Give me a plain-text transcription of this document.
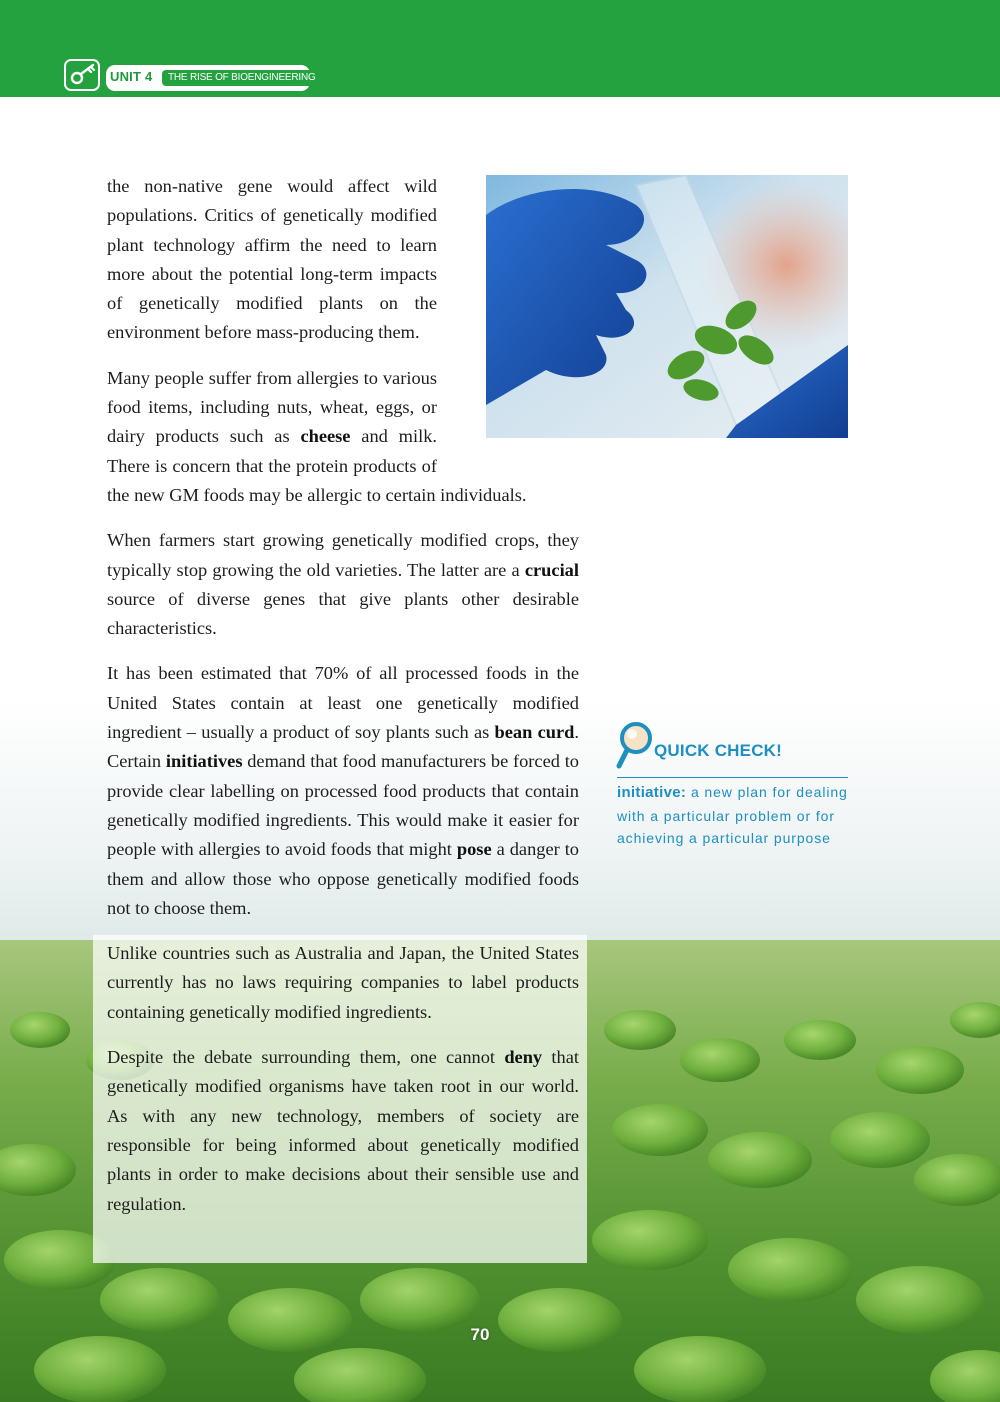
UNIT 4	THE RISE OF BIOENGINEERING

the non-native gene would affect wild populations. Critics of genetically modified plant technology affirm the need to learn more about the potential long-term impacts of genetically modified plants on the environment before mass-producing them.

Many people suffer from allergies to various food items, including nuts, wheat, eggs, or dairy products such as cheese and milk. There is concern that the protein products of the new GM foods may be allergic to certain individuals.

When farmers start growing genetically modified crops, they typically stop growing the old varieties. The latter are a crucial source of diverse genes that give plants other desirable characteristics.

It has been estimated that 70% of all processed foods in the United States contain at least one genetically modified ingredient – usually a product of soy plants such as bean curd. Certain initiatives demand that food manufacturers be forced to provide clear labelling on processed food products that contain genetically modified ingredients. This would make it easier for people with allergies to avoid foods that might pose a danger to them and allow those who oppose genetically modified foods not to choose them.

Unlike countries such as Australia and Japan, the United States currently has no laws requiring companies to label products containing genetically modified ingredients.

Despite the debate surrounding them, one cannot deny that genetically modified organisms have taken root in our world. As with any new technology, members of society are responsible for being informed about genetically modified plants in order to make decisions about their sensible use and regulation.

QUICK CHECK!
initiative: a new plan for dealing with a particular problem or for achieving a particular purpose
70
